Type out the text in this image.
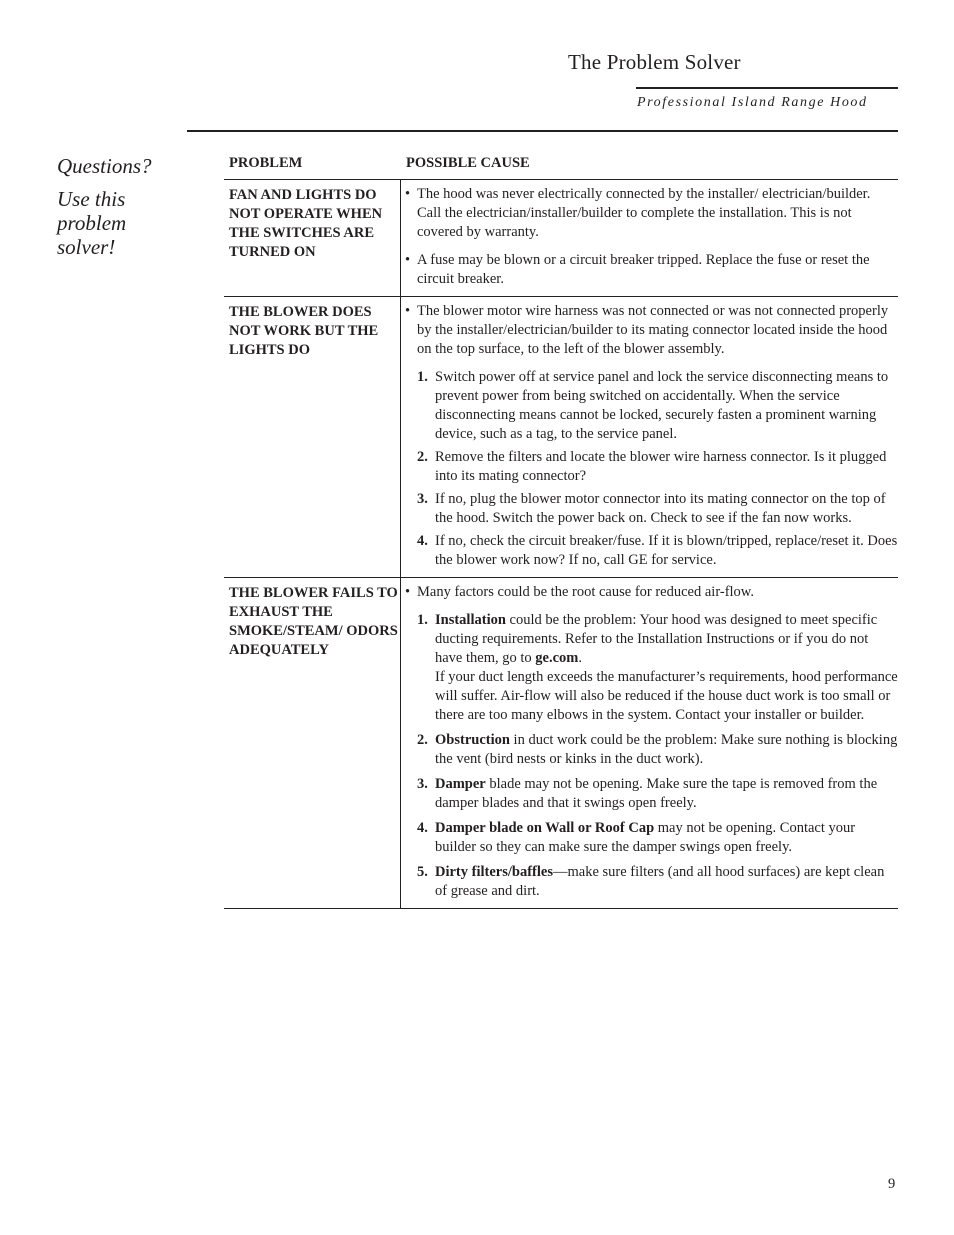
The Problem Solver
Professional Island Range Hood
Questions?
Use this problem solver!
PROBLEM	POSSIBLE CAUSE
FAN AND LIGHTS DO NOT OPERATE WHEN THE SWITCHES ARE TURNED ON
• The hood was never electrically connected by the installer/ electrician/builder. Call the electrician/installer/builder to complete the installation. This is not covered by warranty.
• A fuse may be blown or a circuit breaker tripped. Replace the fuse or reset the circuit breaker.
THE BLOWER DOES NOT WORK BUT THE LIGHTS DO
• The blower motor wire harness was not connected or was not connected properly by the installer/electrician/builder to its mating connector located inside the hood on the top surface, to the left of the blower assembly.
1. Switch power off at service panel and lock the service disconnecting means to prevent power from being switched on accidentally. When the service disconnecting means cannot be locked, securely fasten a prominent warning device, such as a tag, to the service panel.
2. Remove the filters and locate the blower wire harness connector. Is it plugged into its mating connector?
3. If no, plug the blower motor connector into its mating connector on the top of the hood. Switch the power back on. Check to see if the fan now works.
4. If no, check the circuit breaker/fuse. If it is blown/tripped, replace/reset it. Does the blower work now? If no, call GE for service.
THE BLOWER FAILS TO EXHAUST THE SMOKE/STEAM/ ODORS ADEQUATELY
• Many factors could be the root cause for reduced air-flow.
1. Installation could be the problem: Your hood was designed to meet specific ducting requirements. Refer to the Installation Instructions or if you do not have them, go to ge.com.
If your duct length exceeds the manufacturer’s requirements, hood performance will suffer. Air-flow will also be reduced if the house duct work is too small or there are too many elbows in the system. Contact your installer or builder.
2. Obstruction in duct work could be the problem: Make sure nothing is blocking the vent (bird nests or kinks in the duct work).
3. Damper blade may not be opening. Make sure the tape is removed from the damper blades and that it swings open freely.
4. Damper blade on Wall or Roof Cap may not be opening. Contact your builder so they can make sure the damper swings open freely.
5. Dirty filters/baffles—make sure filters (and all hood surfaces) are kept clean of grease and dirt.
9
